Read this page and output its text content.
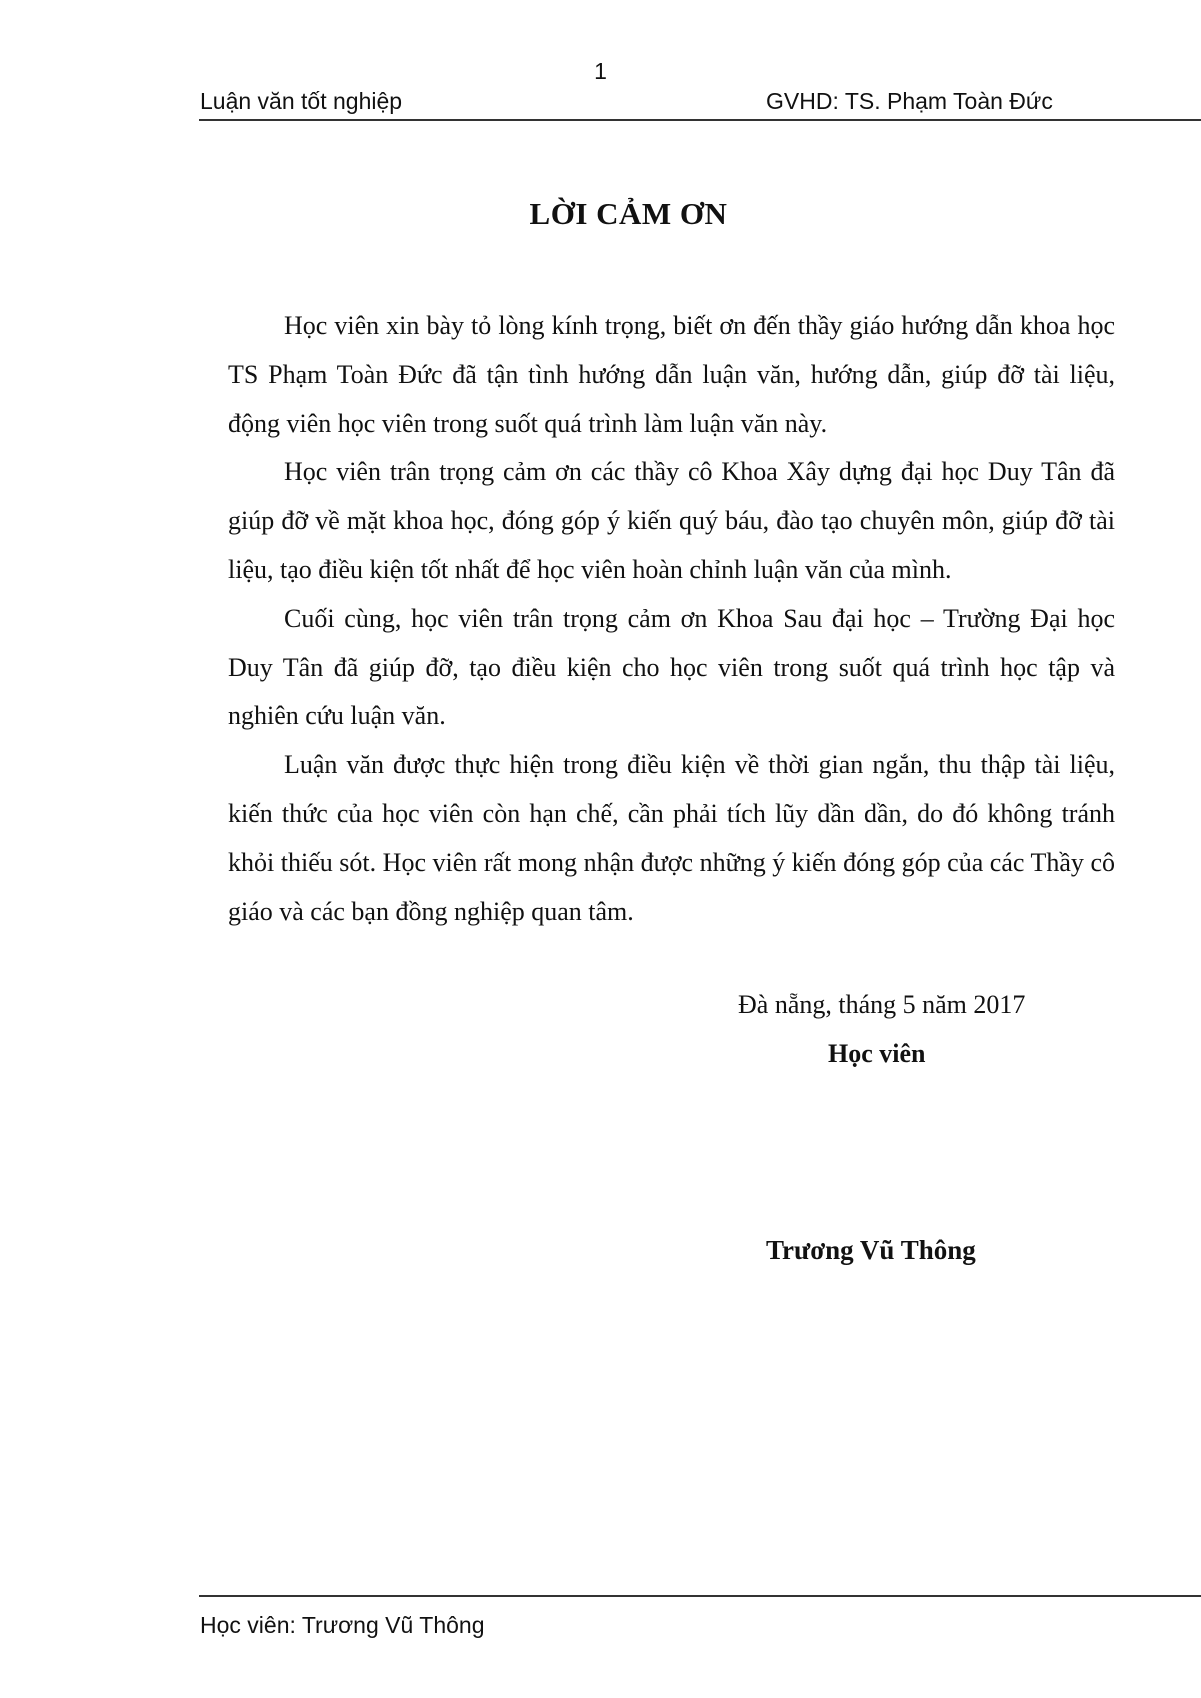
1
Luận văn tốt nghiệp	GVHD: TS. Phạm Toàn Đức
LỜI CẢM ƠN

Học viên xin bày tỏ lòng kính trọng, biết ơn đến thầy giáo hướng dẫn khoa học TS Phạm Toàn Đức đã tận tình hướng dẫn luận văn, hướng dẫn, giúp đỡ tài liệu, động viên học viên trong suốt quá trình làm luận văn này.

Học viên trân trọng cảm ơn các thầy cô Khoa Xây dựng đại học Duy Tân đã giúp đỡ về mặt khoa học, đóng góp ý kiến quý báu, đào tạo chuyên môn, giúp đỡ tài liệu, tạo điều kiện tốt nhất để học viên hoàn chỉnh luận văn của mình.

Cuối cùng, học viên trân trọng cảm ơn Khoa Sau đại học – Trường Đại học Duy Tân đã giúp đỡ, tạo điều kiện cho học viên trong suốt quá trình học tập và nghiên cứu luận văn.

Luận văn được thực hiện trong điều kiện về thời gian ngắn, thu thập tài liệu, kiến thức của học viên còn hạn chế, cần phải tích lũy dần dần, do đó không tránh khỏi thiếu sót. Học viên rất mong nhận được những ý kiến đóng góp của các Thầy cô giáo và các bạn đồng nghiệp quan tâm.

Đà nẵng, tháng 5 năm 2017
Học viên
Trương Vũ Thông
Học viên: Trương Vũ Thông
